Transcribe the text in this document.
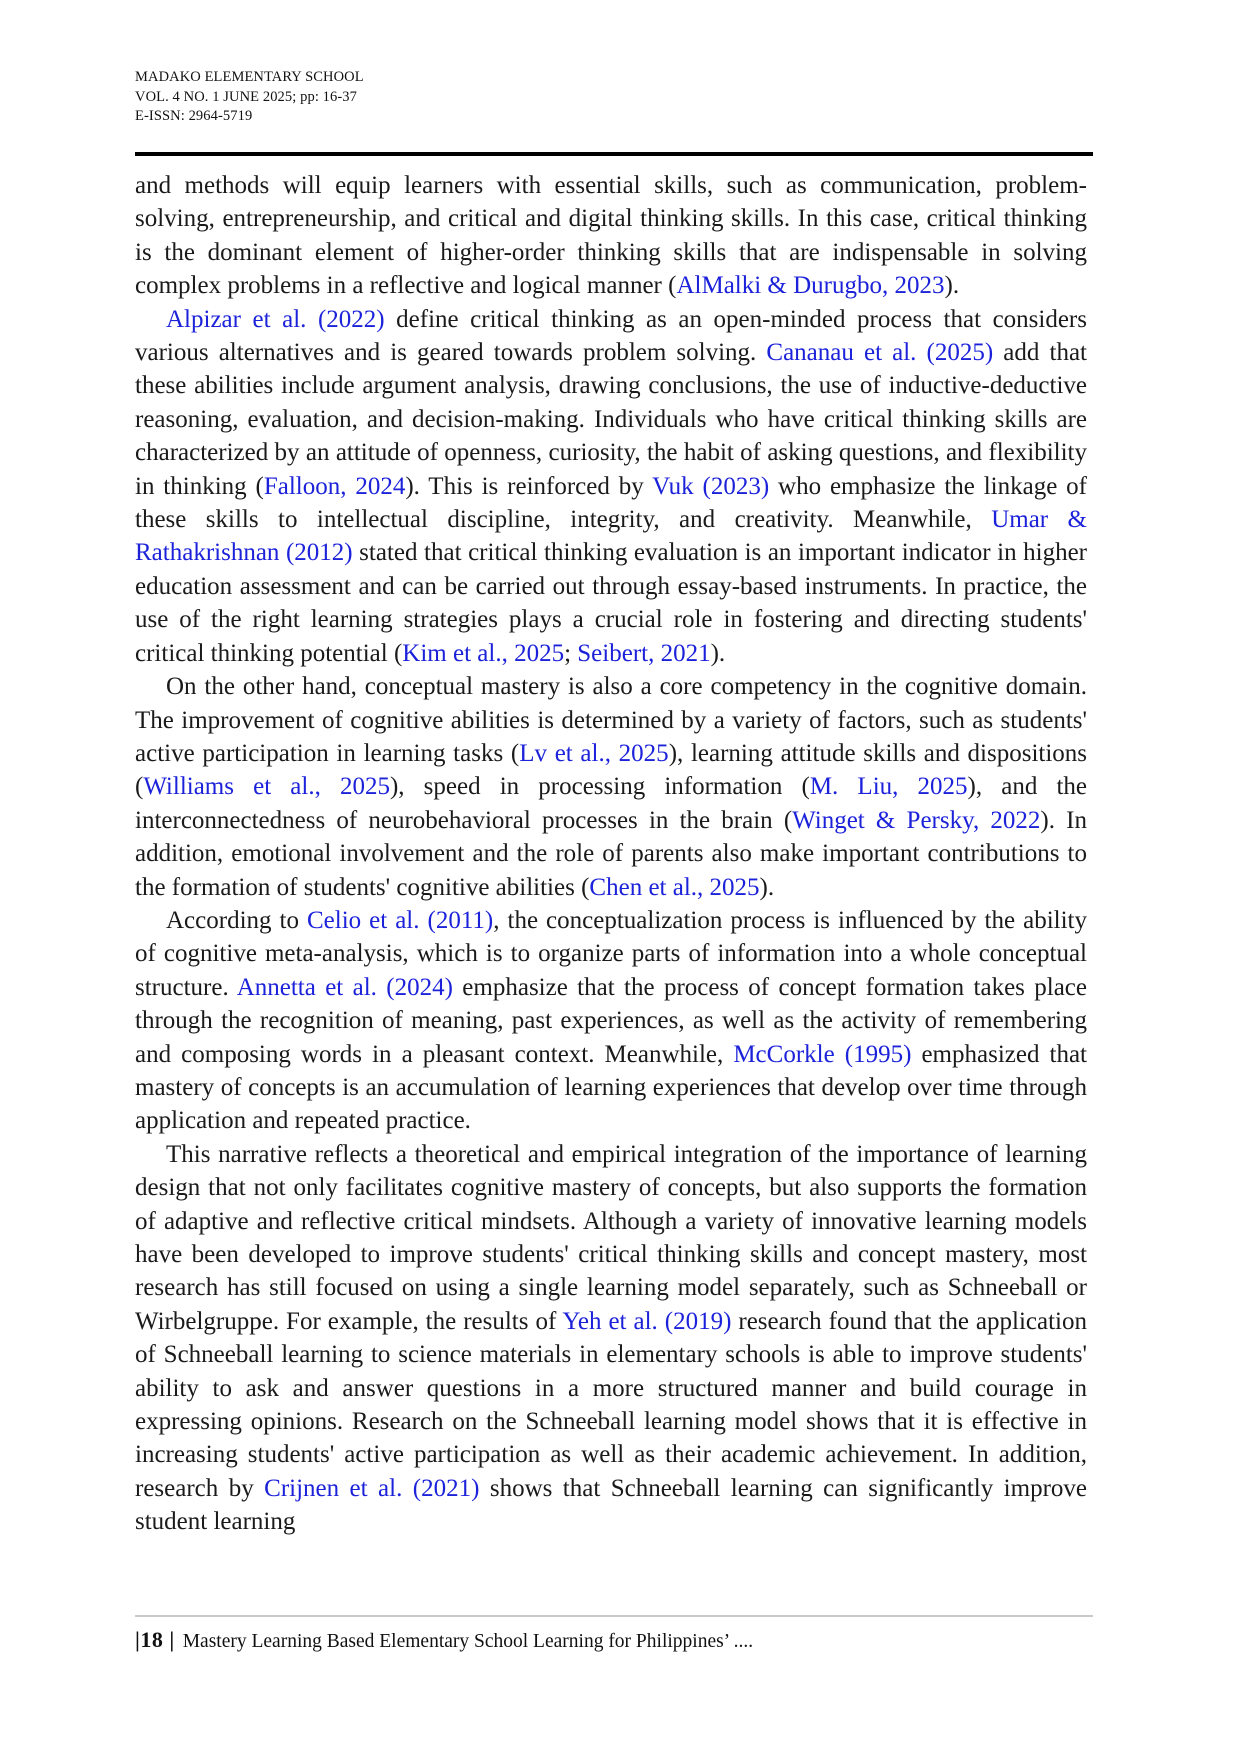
MADAKO ELEMENTARY SCHOOL
VOL. 4 NO. 1 JUNE 2025; pp: 16-37
E-ISSN: 2964-5719

and methods will equip learners with essential skills, such as communication, problem-solving, entrepreneurship, and critical and digital thinking skills. In this case, critical thinking is the dominant element of higher-order thinking skills that are indispensable in solving complex problems in a reflective and logical manner (AlMalki & Durugbo, 2023).

Alpizar et al. (2022) define critical thinking as an open-minded process that considers various alternatives and is geared towards problem solving. Cananau et al. (2025) add that these abilities include argument analysis, drawing conclusions, the use of inductive-deductive reasoning, evaluation, and decision-making. Individuals who have critical thinking skills are characterized by an attitude of openness, curiosity, the habit of asking questions, and flexibility in thinking (Falloon, 2024). This is reinforced by Vuk (2023) who emphasize the linkage of these skills to intellectual discipline, integrity, and creativity. Meanwhile, Umar & Rathakrishnan (2012) stated that critical thinking evaluation is an important indicator in higher education assessment and can be carried out through essay-based instruments. In practice, the use of the right learning strategies plays a crucial role in fostering and directing students' critical thinking potential (Kim et al., 2025; Seibert, 2021).

On the other hand, conceptual mastery is also a core competency in the cognitive domain. The improvement of cognitive abilities is determined by a variety of factors, such as students' active participation in learning tasks (Lv et al., 2025), learning attitude skills and dispositions (Williams et al., 2025), speed in processing information (M. Liu, 2025), and the interconnectedness of neurobehavioral processes in the brain (Winget & Persky, 2022). In addition, emotional involvement and the role of parents also make important contributions to the formation of students' cognitive abilities (Chen et al., 2025).

According to Celio et al. (2011), the conceptualization process is influenced by the ability of cognitive meta-analysis, which is to organize parts of information into a whole conceptual structure. Annetta et al. (2024) emphasize that the process of concept formation takes place through the recognition of meaning, past experiences, as well as the activity of remembering and composing words in a pleasant context. Meanwhile, McCorkle (1995) emphasized that mastery of concepts is an accumulation of learning experiences that develop over time through application and repeated practice.

This narrative reflects a theoretical and empirical integration of the importance of learning design that not only facilitates cognitive mastery of concepts, but also supports the formation of adaptive and reflective critical mindsets. Although a variety of innovative learning models have been developed to improve students' critical thinking skills and concept mastery, most research has still focused on using a single learning model separately, such as Schneeball or Wirbelgruppe. For example, the results of Yeh et al. (2019) research found that the application of Schneeball learning to science materials in elementary schools is able to improve students' ability to ask and answer questions in a more structured manner and build courage in expressing opinions. Research on the Schneeball learning model shows that it is effective in increasing students' active participation as well as their academic achievement. In addition, research by Crijnen et al. (2021) shows that Schneeball learning can significantly improve student learning

|18 | Mastery Learning Based Elementary School Learning for Philippines’ ....
